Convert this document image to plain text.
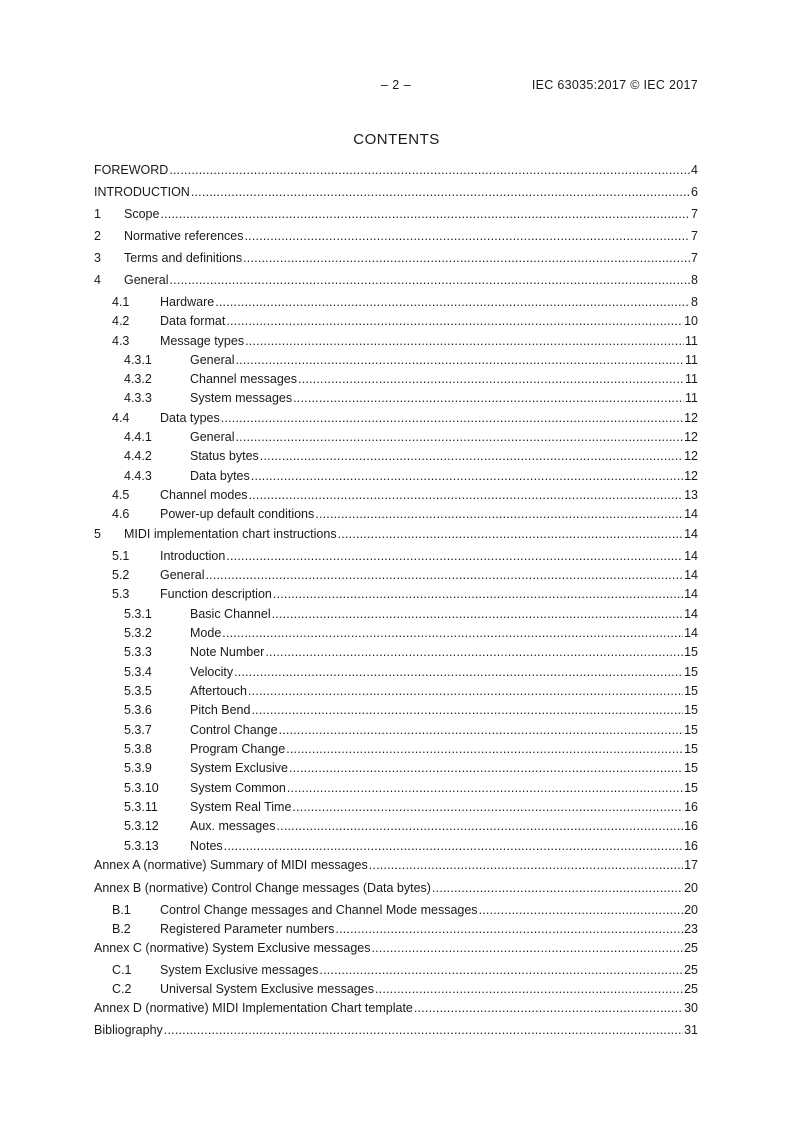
– 2 –	IEC 63035:2017 © IEC 2017
CONTENTS
FOREWORD .....	4
INTRODUCTION .....	6
1	Scope .....	7
2	Normative references .....	7
3	Terms and definitions .....	7
4	General .....	8
4.1	Hardware .....	8
4.2	Data format .....	10
4.3	Message types .....	11
4.3.1	General .....	11
4.3.2	Channel messages .....	11
4.3.3	System messages .....	11
4.4	Data types .....	12
4.4.1	General .....	12
4.4.2	Status bytes .....	12
4.4.3	Data bytes .....	12
4.5	Channel modes .....	13
4.6	Power-up default conditions .....	14
5	MIDI implementation chart instructions .....	14
5.1	Introduction .....	14
5.2	General .....	14
5.3	Function description .....	14
5.3.1	Basic Channel .....	14
5.3.2	Mode .....	14
5.3.3	Note Number .....	15
5.3.4	Velocity .....	15
5.3.5	Aftertouch .....	15
5.3.6	Pitch Bend .....	15
5.3.7	Control Change .....	15
5.3.8	Program Change .....	15
5.3.9	System Exclusive .....	15
5.3.10	System Common .....	15
5.3.11	System Real Time .....	16
5.3.12	Aux. messages .....	16
5.3.13	Notes .....	16
Annex A (normative) Summary of MIDI messages .....	17
Annex B (normative) Control Change messages (Data bytes) .....	20
B.1	Control Change messages and Channel Mode messages .....	20
B.2	Registered Parameter numbers .....	23
Annex C (normative) System Exclusive messages .....	25
C.1	System Exclusive messages .....	25
C.2	Universal System Exclusive messages .....	25
Annex D (normative) MIDI Implementation Chart template .....	30
Bibliography .....	31
